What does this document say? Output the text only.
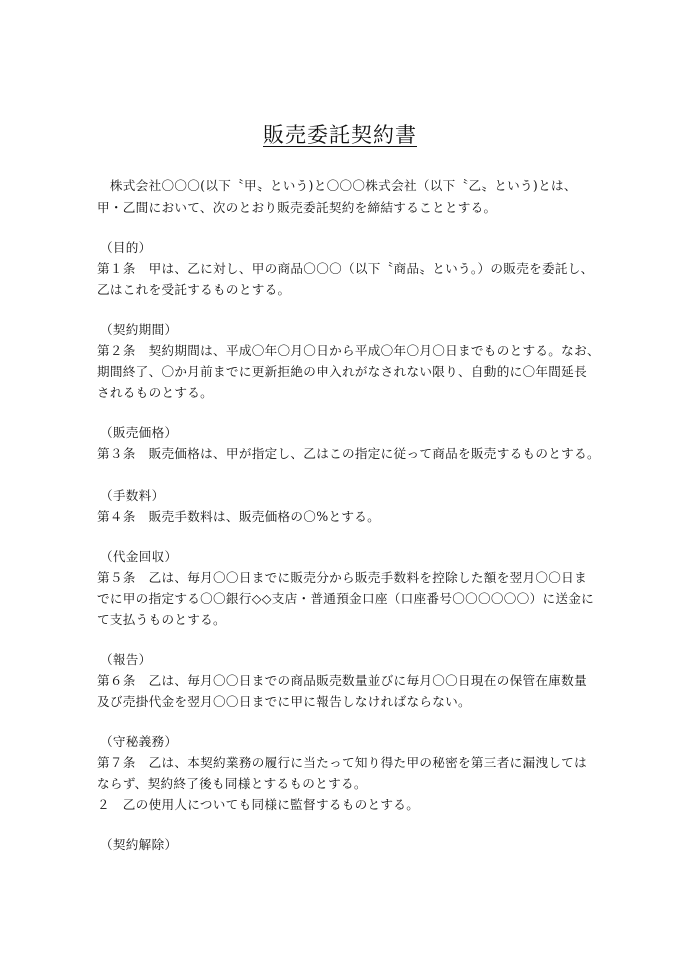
販売委託契約書
　株式会社〇〇〇(以下〝甲〟という)と〇〇〇株式会社（以下〝乙〟という)とは、
甲・乙間において、次のとおり販売委託契約を締結することとする。
（目的）
第１条　甲は、乙に対し、甲の商品〇〇〇（以下〝商品〟という。）の販売を委託し、
乙はこれを受託するものとする。
（契約期間）
第２条　契約期間は、平成〇年〇月〇日から平成〇年〇月〇日までものとする。なお、
期間終了、〇か月前までに更新拒絶の申入れがなされない限り、自動的に〇年間延長
されるものとする。
（販売価格）
第３条　販売価格は、甲が指定し、乙はこの指定に従って商品を販売するものとする。
（手数料）
第４条　販売手数料は、販売価格の〇%とする。
（代金回収）
第５条　乙は、毎月〇〇日までに販売分から販売手数料を控除した額を翌月〇〇日ま
でに甲の指定する〇〇銀行◇◇支店・普通預金口座（口座番号〇〇〇〇〇〇）に送金に
て支払うものとする。
（報告）
第６条　乙は、毎月〇〇日までの商品販売数量並びに毎月〇〇日現在の保管在庫数量
及び売掛代金を翌月〇〇日までに甲に報告しなければならない。
（守秘義務）
第７条　乙は、本契約業務の履行に当たって知り得た甲の秘密を第三者に漏洩しては
ならず、契約終了後も同様とするものとする。
２　乙の使用人についても同様に監督するものとする。
（契約解除）
